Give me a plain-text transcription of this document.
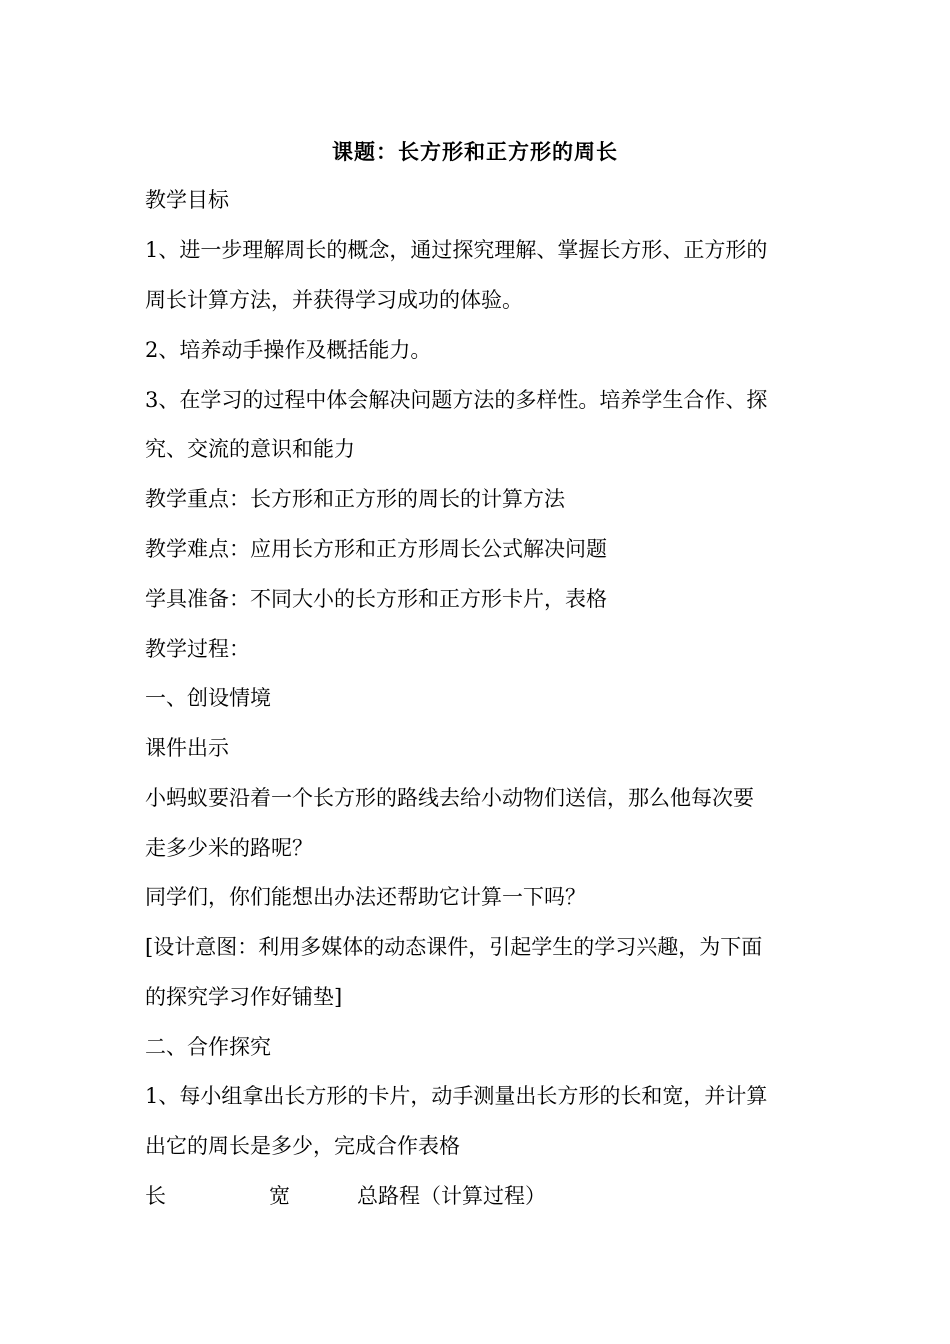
课题：长方形和正方形的周长
教学目标
1、进一步理解周长的概念，通过探究理解、掌握长方形、正方形的
周长计算方法，并获得学习成功的体验。
2、培养动手操作及概括能力。
3、在学习的过程中体会解决问题方法的多样性。培养学生合作、探
究、交流的意识和能力
教学重点：长方形和正方形的周长的计算方法
教学难点：应用长方形和正方形周长公式解决问题
学具准备：不同大小的长方形和正方形卡片，表格
教学过程：
一、创设情境
课件出示
小蚂蚁要沿着一个长方形的路线去给小动物们送信，那么他每次要
走多少米的路呢？
同学们，你们能想出办法还帮助它计算一下吗？
[设计意图：利用多媒体的动态课件，引起学生的学习兴趣，为下面
的探究学习作好铺垫]
二、合作探究
1、每小组拿出长方形的卡片，动手测量出长方形的长和宽，并计算
出它的周长是多少，完成合作表格
长	宽	总路程（计算过程）
